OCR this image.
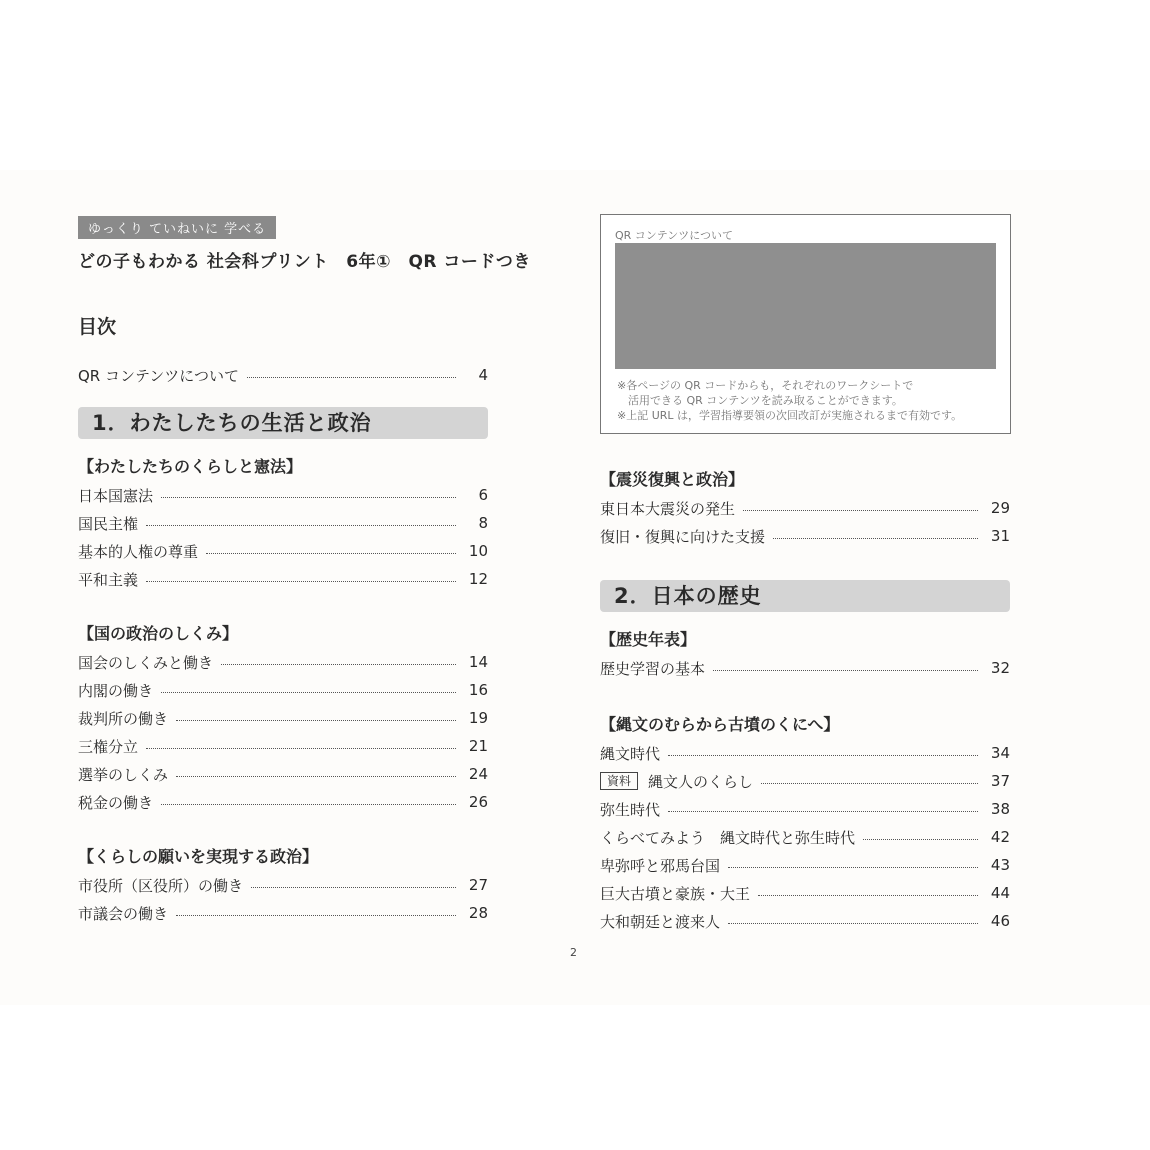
ゆっくり ていねいに 学べる
どの子もわかる 社会科プリント　6年①　QR コードつき
目次
QR コンテンツについて	4
1．わたしたちの生活と政治
【わたしたちのくらしと憲法】
日本国憲法	6
国民主権	8
基本的人権の尊重	10
平和主義	12
【国の政治のしくみ】
国会のしくみと働き	14
内閣の働き	16
裁判所の働き	19
三権分立	21
選挙のしくみ	24
税金の働き	26
【くらしの願いを実現する政治】
市役所（区役所）の働き	27
市議会の働き	28
QR コンテンツについて
※各ページの QR コードからも，それぞれのワークシートで
　活用できる QR コンテンツを読み取ることができます。
※上記 URL は，学習指導要領の次回改訂が実施されるまで有効です。
【震災復興と政治】
東日本大震災の発生	29
復旧・復興に向けた支援	31
2．日本の歴史
【歴史年表】
歴史学習の基本	32
【縄文のむらから古墳のくにへ】
縄文時代	34
資料	縄文人のくらし	37
弥生時代	38
くらべてみよう　縄文時代と弥生時代	42
卑弥呼と邪馬台国	43
巨大古墳と豪族・大王	44
大和朝廷と渡来人	46
2
